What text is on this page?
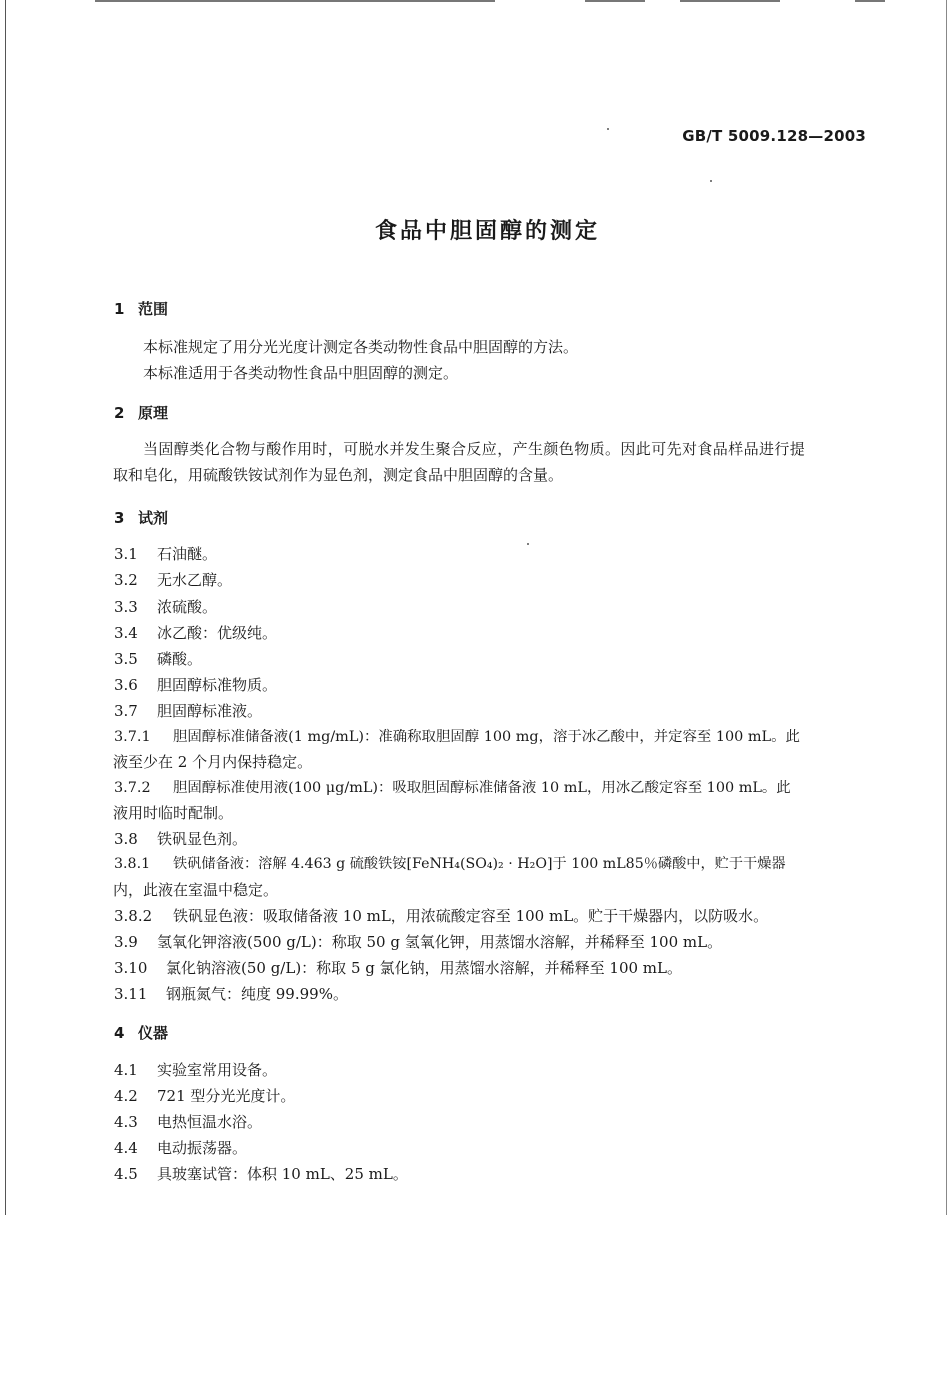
GB/T 5009.128—2003
食品中胆固醇的测定
1 范围
本标准规定了用分光光度计测定各类动物性食品中胆固醇的方法。
本标准适用于各类动物性食品中胆固醇的测定。
2 原理
当固醇类化合物与酸作用时，可脱水并发生聚合反应，产生颜色物质。因此可先对食品样品进行提
取和皂化，用硫酸铁铵试剂作为显色剂，测定食品中胆固醇的含量。
3 试剂
3.1 石油醚。
3.2 无水乙醇。
3.3 浓硫酸。
3.4 冰乙酸：优级纯。
3.5 磷酸。
3.6 胆固醇标准物质。
3.7 胆固醇标准液。
3.7.1 胆固醇标准储备液(1 mg/mL)：准确称取胆固醇 100 mg，溶于冰乙酸中，并定容至 100 mL。此
液至少在 2 个月内保持稳定。
3.7.2 胆固醇标准使用液(100 μg/mL)：吸取胆固醇标准储备液 10 mL，用冰乙酸定容至 100 mL。此
液用时临时配制。
3.8 铁矾显色剂。
3.8.1 铁矾储备液：溶解 4.463 g 硫酸铁铵[FeNH₄(SO₄)₂ · H₂O]于 100 mL85％磷酸中，贮于干燥器
内，此液在室温中稳定。
3.8.2 铁矾显色液：吸取储备液 10 mL，用浓硫酸定容至 100 mL。贮于干燥器内，以防吸水。
3.9 氢氧化钾溶液(500 g/L)：称取 50 g 氢氧化钾，用蒸馏水溶解，并稀释至 100 mL。
3.10 氯化钠溶液(50 g/L)：称取 5 g 氯化钠，用蒸馏水溶解，并稀释至 100 mL。
3.11 钢瓶氮气：纯度 99.99%。
4 仪器
4.1 实验室常用设备。
4.2 721 型分光光度计。
4.3 电热恒温水浴。
4.4 电动振荡器。
4.5 具玻塞试管：体积 10 mL、25 mL。
